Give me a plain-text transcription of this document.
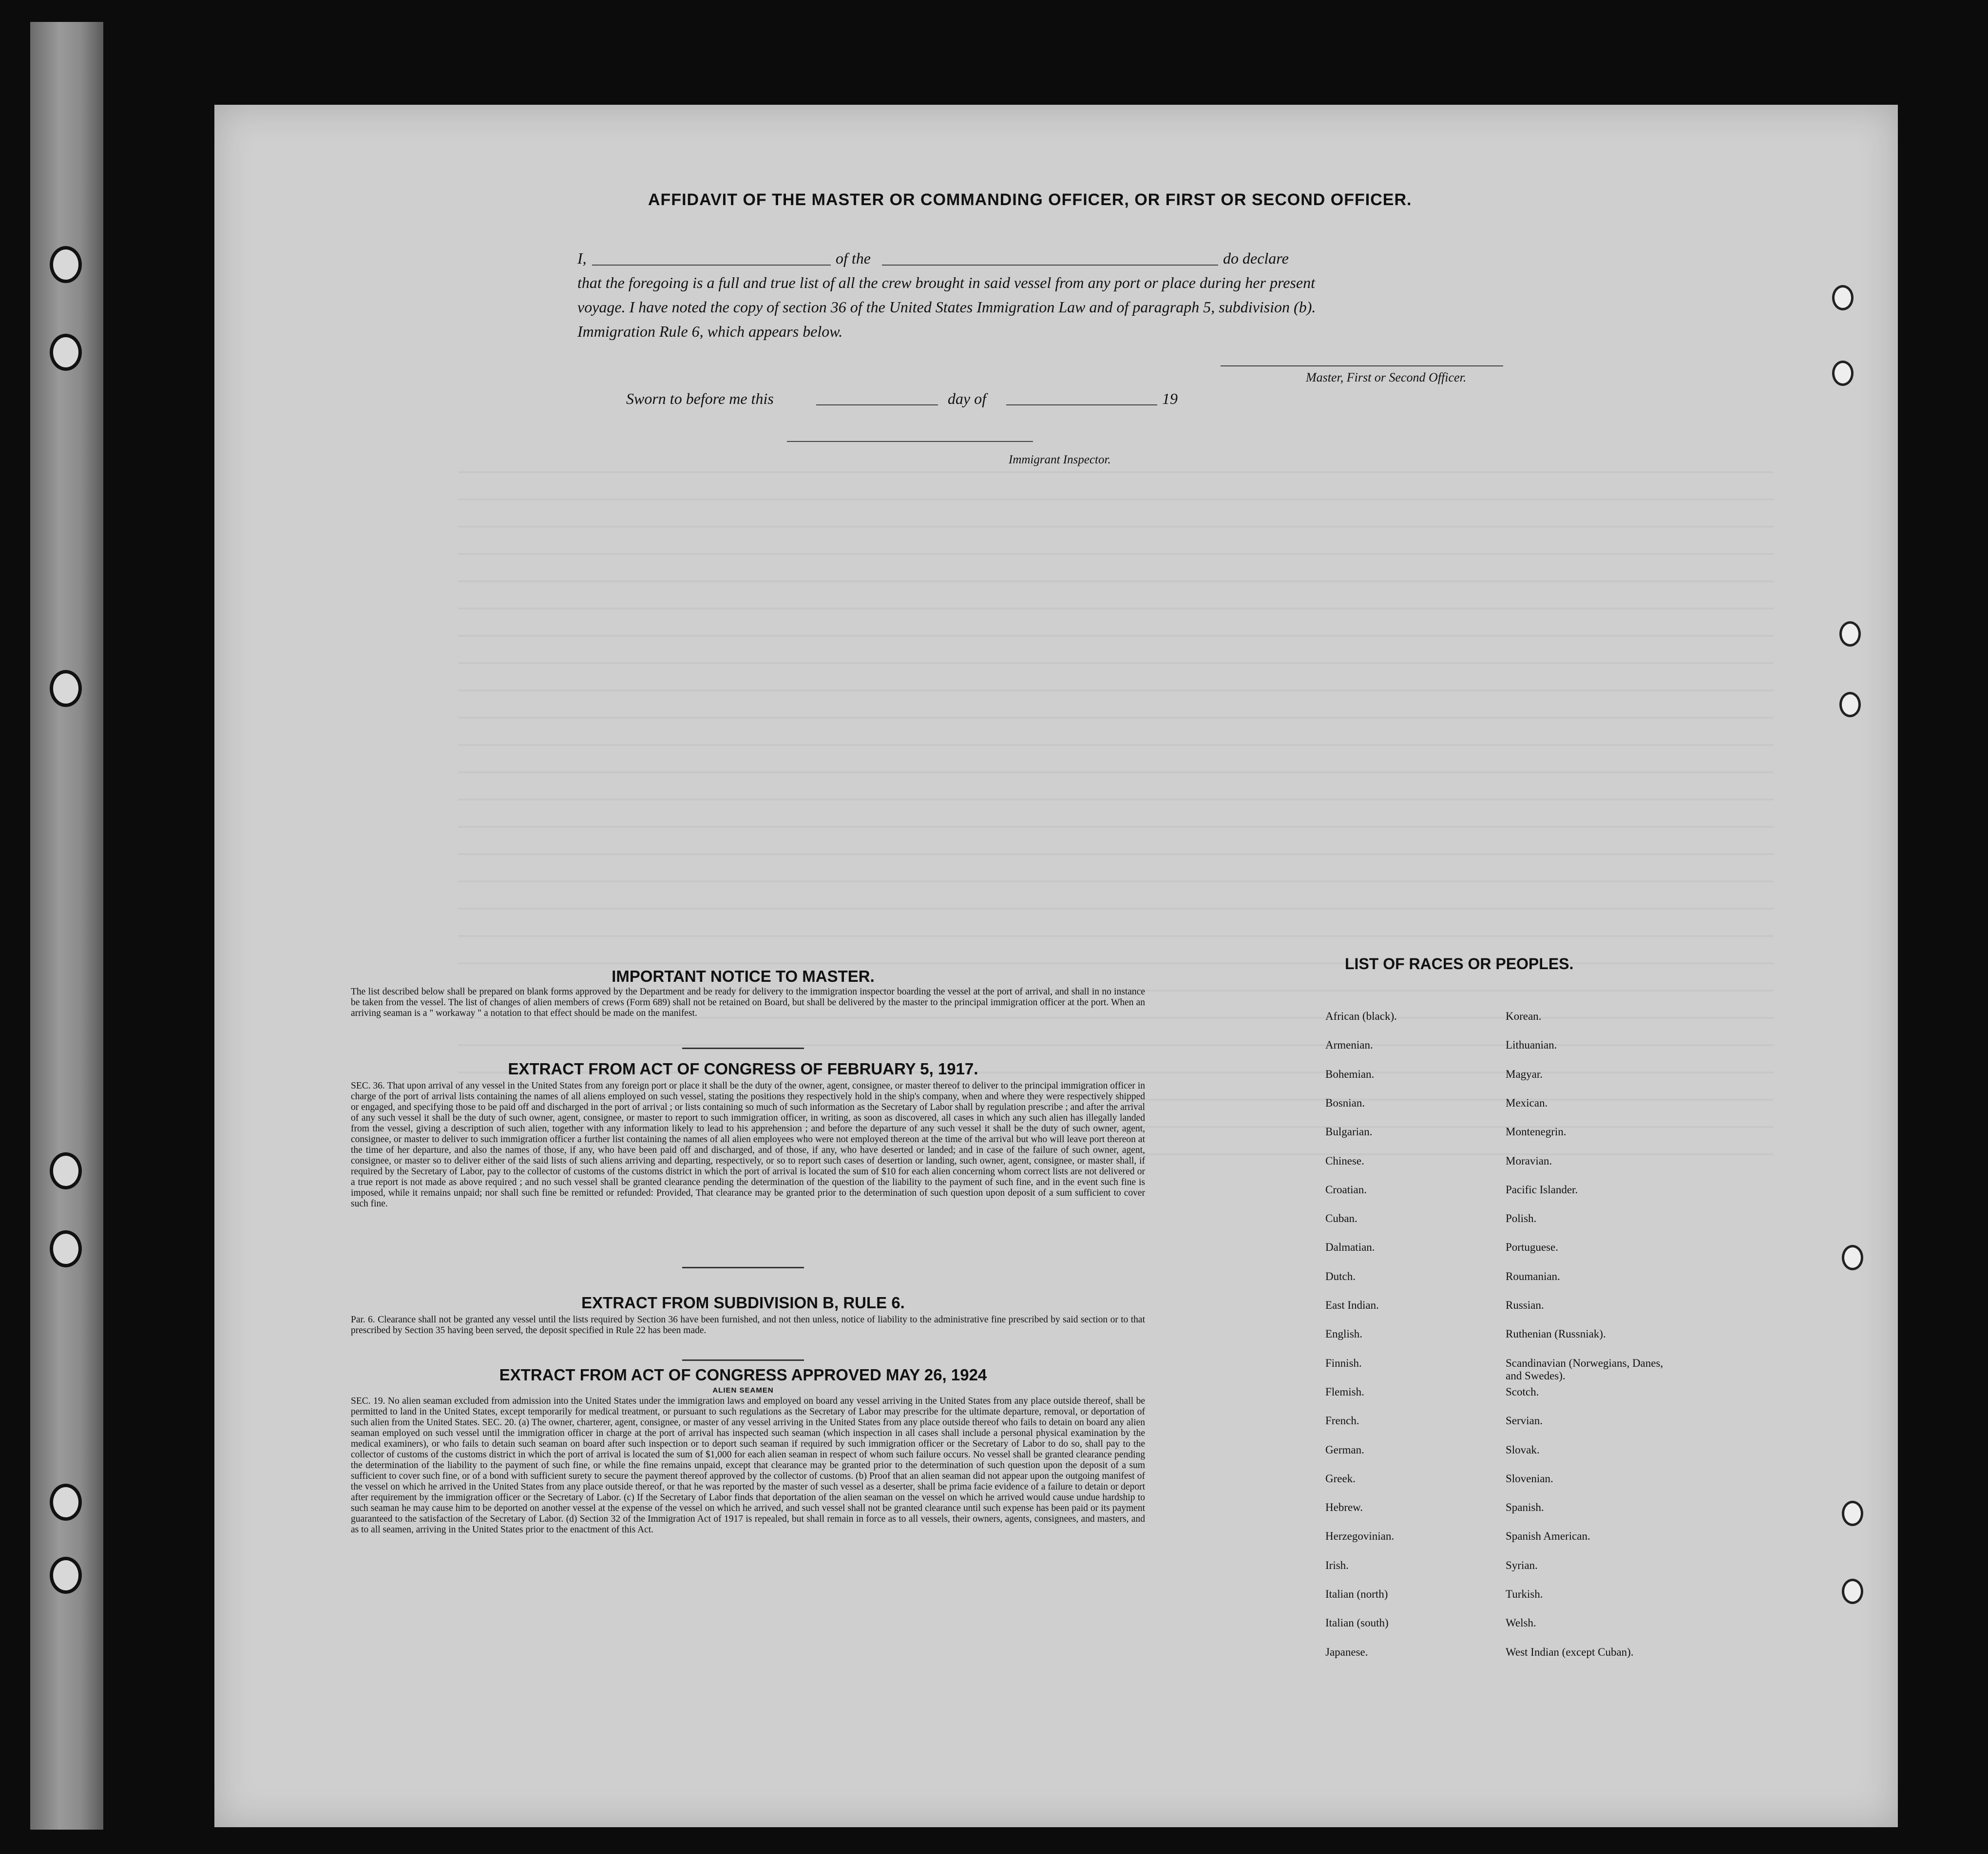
AFFIDAVIT OF THE MASTER OR COMMANDING OFFICER, OR FIRST OR SECOND OFFICER.
I,	of the	do declare
that the foregoing is a full and true list of all the crew brought in said vessel from any port or place during her present
voyage. I have noted the copy of section 36 of the United States Immigration Law and of paragraph 5, subdivision (b).
Immigration Rule 6, which appears below.
Master, First or Second Officer.
Sworn to before me this	day of	19
Immigrant Inspector.
IMPORTANT NOTICE TO MASTER.
The list described below shall be prepared on blank forms approved by the Department and be ready for delivery to the immigration inspector boarding the vessel at the port of arrival, and shall in no instance be taken from the vessel. The list of changes of alien members of crews (Form 689) shall not be retained on Board, but shall be delivered by the master to the principal immigration officer at the port. When an arriving seaman is a " workaway " a notation to that effect should be made on the manifest.
EXTRACT FROM ACT OF CONGRESS OF FEBRUARY 5, 1917.
SEC. 36. That upon arrival of any vessel in the United States from any foreign port or place it shall be the duty of the owner, agent, consignee, or master thereof to deliver to the principal immigration officer in charge of the port of arrival lists containing the names of all aliens employed on such vessel, stating the positions they respectively hold in the ship's company, when and where they were respectively shipped or engaged, and specifying those to be paid off and discharged in the port of arrival ; or lists containing so much of such information as the Secretary of Labor shall by regulation prescribe ; and after the arrival of any such vessel it shall be the duty of such owner, agent, consignee, or master to report to such immigration officer, in writing, as soon as discovered, all cases in which any such alien has illegally landed from the vessel, giving a description of such alien, together with any information likely to lead to his apprehension ; and before the departure of any such vessel it shall be the duty of such owner, agent, consignee, or master to deliver to such immigration officer a further list containing the names of all alien employees who were not employed thereon at the time of the arrival but who will leave port thereon at the time of her departure, and also the names of those, if any, who have been paid off and discharged, and of those, if any, who have deserted or landed; and in case of the failure of such owner, agent, consignee, or master so to deliver either of the said lists of such aliens arriving and departing, respectively, or so to report such cases of desertion or landing, such owner, agent, consignee, or master shall, if required by the Secretary of Labor, pay to the collector of customs of the customs district in which the port of arrival is located the sum of $10 for each alien concerning whom correct lists are not delivered or a true report is not made as above required ; and no such vessel shall be granted clearance pending the determination of the question of the liability to the payment of such fine, and in the event such fine is imposed, while it remains unpaid; nor shall such fine be remitted or refunded: Provided, That clearance may be granted prior to the determination of such question upon deposit of a sum sufficient to cover such fine.
EXTRACT FROM SUBDIVISION B, RULE 6.
Par. 6. Clearance shall not be granted any vessel until the lists required by Section 36 have been furnished, and not then unless, notice of liability to the administrative fine prescribed by said section or to that prescribed by Section 35 having been served, the deposit specified in Rule 22 has been made.
EXTRACT FROM ACT OF CONGRESS APPROVED MAY 26, 1924
ALIEN SEAMEN
SEC. 19. No alien seaman excluded from admission into the United States under the immigration laws and employed on board any vessel arriving in the United States from any place outside thereof, shall be permitted to land in the United States, except temporarily for medical treatment, or pursuant to such regulations as the Secretary of Labor may prescribe for the ultimate departure, removal, or deportation of such alien from the United States. SEC. 20. (a) The owner, charterer, agent, consignee, or master of any vessel arriving in the United States from any place outside thereof who fails to detain on board any alien seaman employed on such vessel until the immigration officer in charge at the port of arrival has inspected such seaman (which inspection in all cases shall include a personal physical examination by the medical examiners), or who fails to detain such seaman on board after such inspection or to deport such seaman if required by such immigration officer or the Secretary of Labor to do so, shall pay to the collector of customs of the customs district in which the port of arrival is located the sum of $1,000 for each alien seaman in respect of whom such failure occurs. No vessel shall be granted clearance pending the determination of the liability to the payment of such fine, or while the fine remains unpaid, except that clearance may be granted prior to the determination of such question upon the deposit of a sum sufficient to cover such fine, or of a bond with sufficient surety to secure the payment thereof approved by the collector of customs. (b) Proof that an alien seaman did not appear upon the outgoing manifest of the vessel on which he arrived in the United States from any place outside thereof, or that he was reported by the master of such vessel as a deserter, shall be prima facie evidence of a failure to detain or deport after requirement by the immigration officer or the Secretary of Labor. (c) If the Secretary of Labor finds that deportation of the alien seaman on the vessel on which he arrived would cause undue hardship to such seaman he may cause him to be deported on another vessel at the expense of the vessel on which he arrived, and such vessel shall not be granted clearance until such expense has been paid or its payment guaranteed to the satisfaction of the Secretary of Labor. (d) Section 32 of the Immigration Act of 1917 is repealed, but shall remain in force as to all vessels, their owners, agents, consignees, and masters, and as to all seamen, arriving in the United States prior to the enactment of this Act.
LIST OF RACES OR PEOPLES.
African (black).
Armenian.
Bohemian.
Bosnian.
Bulgarian.
Chinese.
Croatian.
Cuban.
Dalmatian.
Dutch.
East Indian.
English.
Finnish.
Flemish.
French.
German.
Greek.
Hebrew.
Herzegovinian.
Irish.
Italian (north)
Italian (south)
Japanese.
Korean.
Lithuanian.
Magyar.
Mexican.
Montenegrin.
Moravian.
Pacific Islander.
Polish.
Portuguese.
Roumanian.
Russian.
Ruthenian (Russniak).
Scandinavian (Norwegians, Danes, and Swedes).
Scotch.
Servian.
Slovak.
Slovenian.
Spanish.
Spanish American.
Syrian.
Turkish.
Welsh.
West Indian (except Cuban).
